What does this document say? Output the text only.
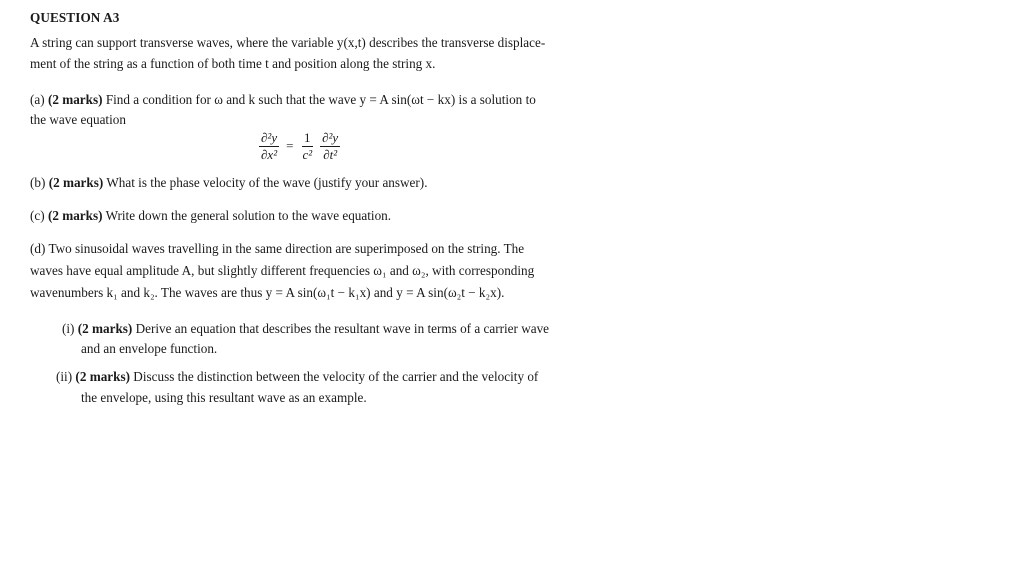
QUESTION A3
A string can support transverse waves, where the variable y(x,t) describes the transverse displace-
ment of the string as a function of both time t and position along the string x.
(a) (2 marks) Find a condition for ω and k such that the wave y = A sin(ωt − kx) is a solution to
the wave equation
$\frac{\text{∂²y}}{\text{∂x²}} = \frac{1}{\text{c²}} \frac{\text{∂²y}}{\text{∂t²}}$
(b) (2 marks) What is the phase velocity of the wave (justify your answer).
(c) (2 marks) Write down the general solution to the wave equation.
(d) Two sinusoidal waves travelling in the same direction are superimposed on the string. The
waves have equal amplitude A, but slightly different frequencies ω₁ and ω₂, with corresponding
wavenumbers k₁ and k₂. The waves are thus y = A sin(ω₁t − k₁x) and y = A sin(ω₂t − k₂x).
(i) (2 marks) Derive an equation that describes the resultant wave in terms of a carrier wave
and an envelope function.
(ii) (2 marks) Discuss the distinction between the velocity of the carrier and the velocity of
the envelope, using this resultant wave as an example.
